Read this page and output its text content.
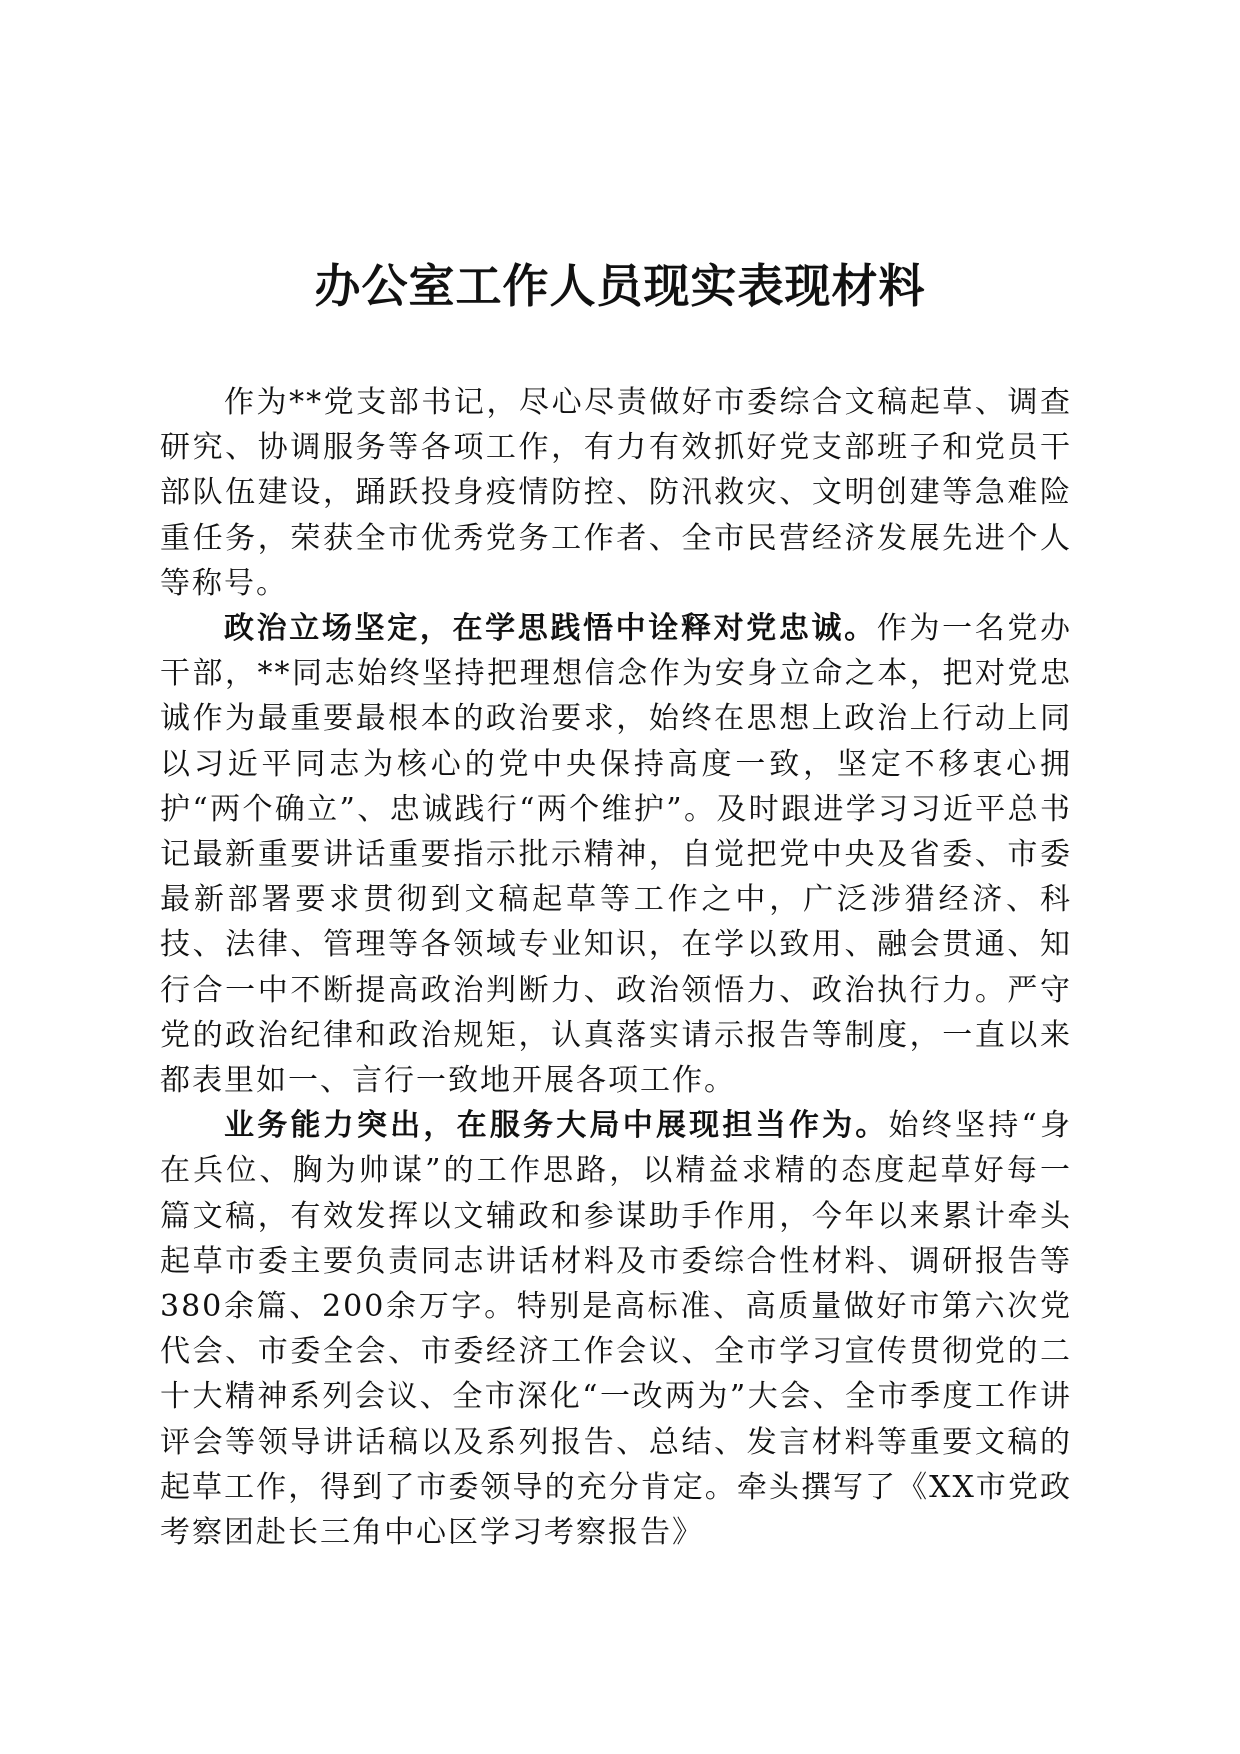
办公室工作人员现实表现材料

作为**党支部书记，尽心尽责做好市委综合文稿起草、调查研究、协调服务等各项工作，有力有效抓好党支部班子和党员干部队伍建设，踊跃投身疫情防控、防汛救灾、文明创建等急难险重任务，荣获全市优秀党务工作者、全市民营经济发展先进个人等称号。

政治立场坚定，在学思践悟中诠释对党忠诚。作为一名党办干部，**同志始终坚持把理想信念作为安身立命之本，把对党忠诚作为最重要最根本的政治要求，始终在思想上政治上行动上同以习近平同志为核心的党中央保持高度一致，坚定不移衷心拥护“两个确立”、忠诚践行“两个维护”。及时跟进学习习近平总书记最新重要讲话重要指示批示精神，自觉把党中央及省委、市委最新部署要求贯彻到文稿起草等工作之中，广泛涉猎经济、科技、法律、管理等各领域专业知识，在学以致用、融会贯通、知行合一中不断提高政治判断力、政治领悟力、政治执行力。严守党的政治纪律和政治规矩，认真落实请示报告等制度，一直以来都表里如一、言行一致地开展各项工作。

业务能力突出，在服务大局中展现担当作为。始终坚持“身在兵位、胸为帅谋”的工作思路，以精益求精的态度起草好每一篇文稿，有效发挥以文辅政和参谋助手作用，今年以来累计牵头起草市委主要负责同志讲话材料及市委综合性材料、调研报告等380余篇、200余万字。特别是高标准、高质量做好市第六次党代会、市委全会、市委经济工作会议、全市学习宣传贯彻党的二十大精神系列会议、全市深化“一改两为”大会、全市季度工作讲评会等领导讲话稿以及系列报告、总结、发言材料等重要文稿的起草工作，得到了市委领导的充分肯定。牵头撰写了《XX市党政考察团赴长三角中心区学习考察报告》
